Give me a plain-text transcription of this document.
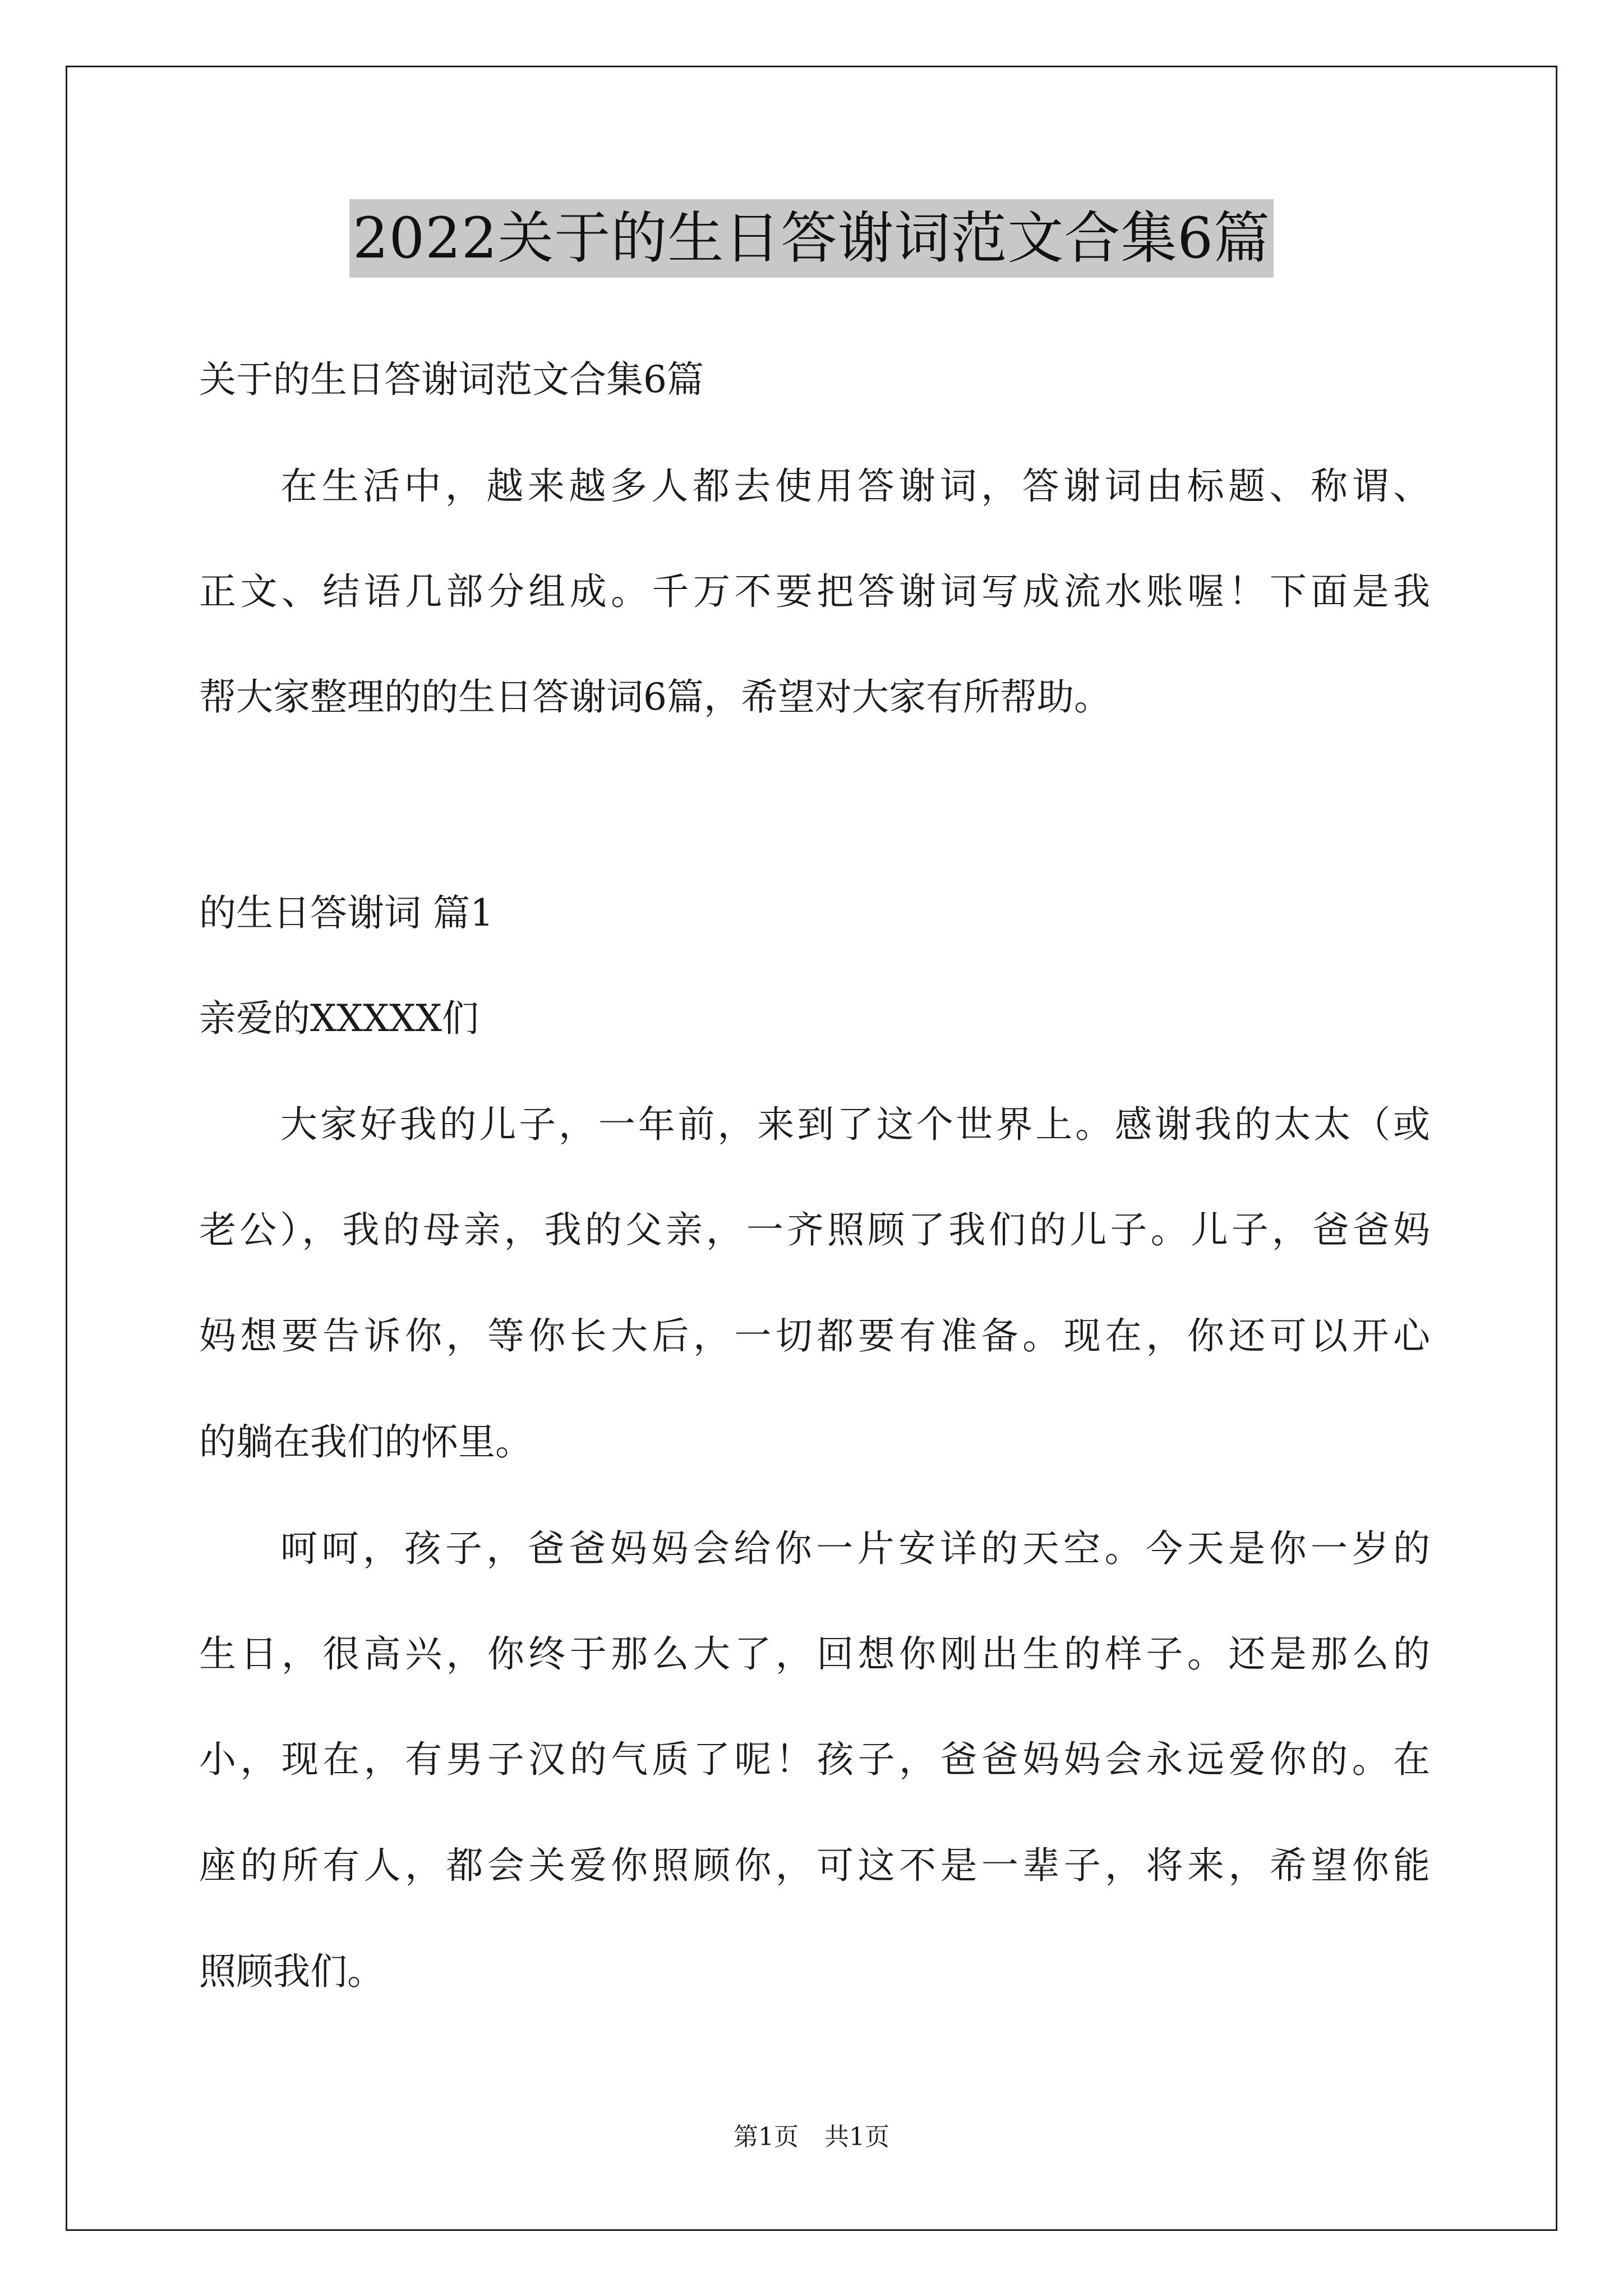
2022关于的生日答谢词范文合集6篇
关于的生日答谢词范文合集6篇
在生活中，越来越多人都去使用答谢词，答谢词由标题、称谓、
正文、结语几部分组成。千万不要把答谢词写成流水账喔！下面是我
帮大家整理的的生日答谢词6篇，希望对大家有所帮助。
的生日答谢词 篇1
亲爱的XXXXX们
大家好我的儿子，一年前，来到了这个世界上。感谢我的太太（或
老公），我的母亲，我的父亲，一齐照顾了我们的儿子。儿子，爸爸妈
妈想要告诉你，等你长大后，一切都要有准备。现在，你还可以开心
的躺在我们的怀里。
呵呵，孩子，爸爸妈妈会给你一片安详的天空。今天是你一岁的
生日，很高兴，你终于那么大了，回想你刚出生的样子。还是那么的
小，现在，有男子汉的气质了呢！孩子，爸爸妈妈会永远爱你的。在
座的所有人，都会关爱你照顾你，可这不是一辈子，将来，希望你能
照顾我们。
第1页 共1页
